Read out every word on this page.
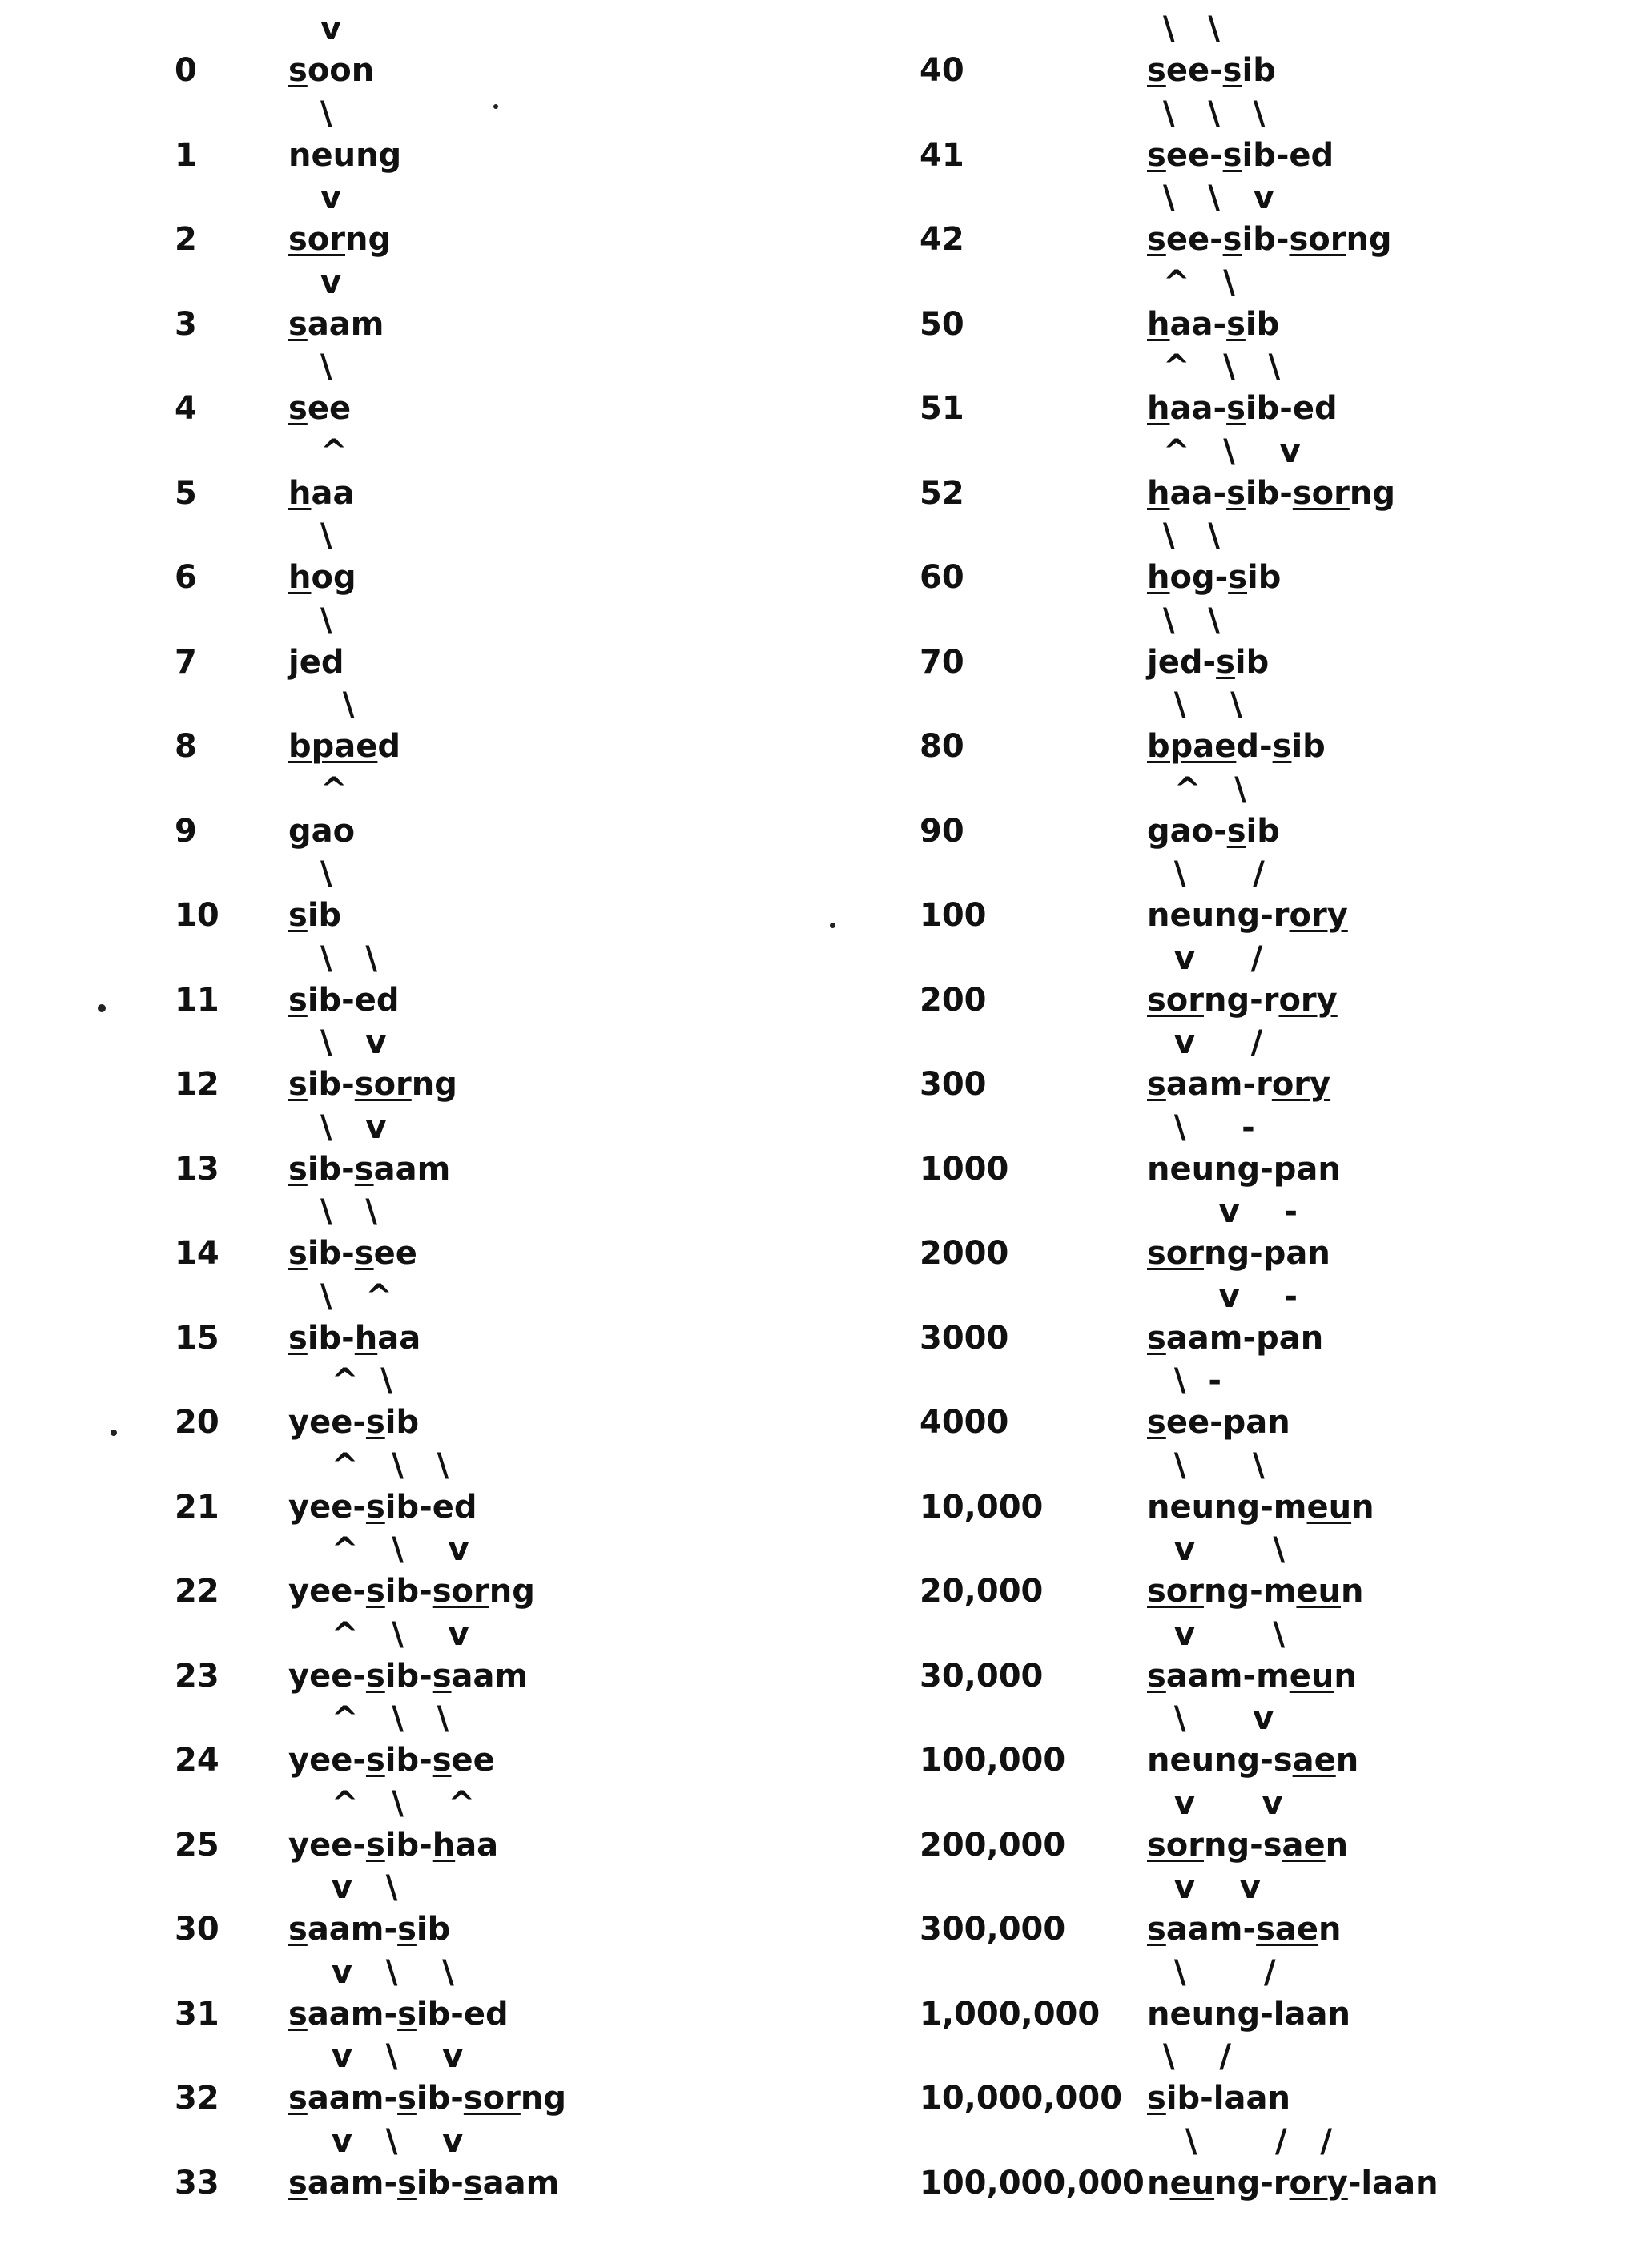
v
0	soon
\
1	neung
v
2	sorng
v
3	saam
\
4	see
^
5	haa
\
6	hog
\
7	jed
\
8	bpaed
^
9	gao
\
10 sib
\   \
11 sib-ed
\   v
12 sib-sorng
\   v
13 sib-saam
\   \
14 sib-see
\   ^
15 sib-haa
^  \
20 yee-sib
^   \   \
21 yee-sib-ed
^   \    v
22 yee-sib-sorng
^   \    v
23 yee-sib-saam
^   \   \
24 yee-sib-see
^   \    ^
25 yee-sib-haa
v   \
30 saam-sib
v   \    \
31 saam-sib-ed
v   \    v
32 saam-sib-sorng
v   \    v
33 saam-sib-saam
\   \
40	see-sib
\   \   \
41	see-sib-ed
\   \   v
42	see-sib-sorng
^   \
50	haa-sib
^   \   \
51	haa-sib-ed
^   \    v
52	haa-sib-sorng
\   \
60	hog-sib
\   \
70	jed-sib
\    \
80	bpaed-sib
^   \
90	gao-sib
\      /
100	neung-rory
v     /
200	sorng-rory
v     /
300	saam-rory
\     -
1000	neung-pan
v    -
2000	sorng-pan
v    -
3000	saam-pan
\  -
4000	see-pan
\      \
10,000	neung-meun
v       \
20,000	sorng-meun
v       \
30,000	saam-meun
\      v
100,000	neung-saen
v      v
200,000	sorng-saen
v    v
300,000	saam-saen
\       /
1,000,000 neung-laan
\    /
10,000,000 sib-laan
\       /   /
100,000,000 neung-rory-laan
